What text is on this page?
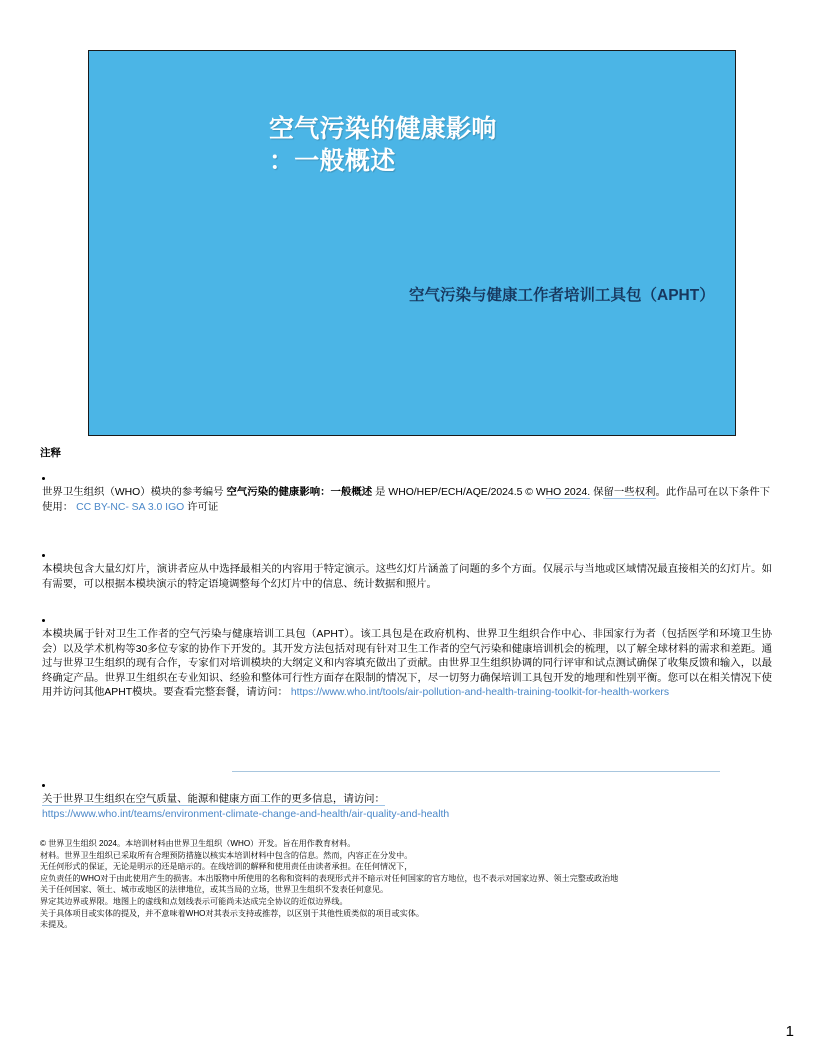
空气污染的健康影响
：一般概述
空气污染与健康工作者培训工具包（APHT）
注释
世界卫生组织（WHO）模块的参考编号 空气污染的健康影响：一般概述 是 WHO/HEP/ECH/AQE/2024.5 © WHO 2024. 保留一些权利。此作品可在以下条件下使用： CC BY-NC- SA 3.0 IGO 许可证
本模块包含大量幻灯片，演讲者应从中选择最相关的内容用于特定演示。这些幻灯片涵盖了问题的多个方面。仅展示与当地或区域情况最直接相关的幻灯片。如有需要，可以根据本模块演示的特定语境调整每个幻灯片中的信息、统计数据和照片。
本模块属于针对卫生工作者的空气污染与健康培训工具包（APHT）。该工具包是在政府机构、世界卫生组织合作中心、非国家行为者（包括医学和环境卫生协会）以及学术机构等30多位专家的协作下开发的。其开发方法包括对现有针对卫生工作者的空气污染和健康培训机会的梳理，以了解全球材料的需求和差距。通过与世界卫生组织的现有合作，专家们对培训模块的大纲定义和内容填充做出了贡献。由世界卫生组织协调的同行评审和试点测试确保了收集反馈和输入，以最终确定产品。世界卫生组织在专业知识、经验和整体可行性方面存在限制的情况下，尽一切努力确保培训工具包开发的地理和性别平衡。您可以在相关情况下使用并访问其他APHT模块。要查看完整套餐，请访问： https://www.who.int/tools/air-pollution-and-health-training-toolkit-for-health-workers
关于世界卫生组织在空气质量、能源和健康方面工作的更多信息，请访问：
https://www.who.int/teams/environment-climate-change-and-health/air-quality-and-health
© 世界卫生组织 2024。本培训材料由世界卫生组织（WHO）开发。旨在用作教育材料。
材料。世界卫生组织已采取所有合理预防措施以核实本培训材料中包含的信息。然而，内容正在分发中。
无任何形式的保证，无论是明示的还是暗示的。在线培训的解释和使用责任由读者承担。在任何情况下，
应负责任的WHO对于由此使用产生的损害。本出版物中所使用的名称和资料的表现形式并不暗示对任何国家的官方地位，也不表示对国家边界、领土完整或政治地
关于任何国家、领土、城市或地区的法律地位，或其当局的立场，世界卫生组织不发表任何意见。
界定其边界或界限。地图上的虚线和点划线表示可能尚未达成完全协议的近似边界线。
关于具体项目或实体的提及，并不意味着WHO对其表示支持或推荐，以区别于其他性质类似的项目或实体。
未提及。
1
